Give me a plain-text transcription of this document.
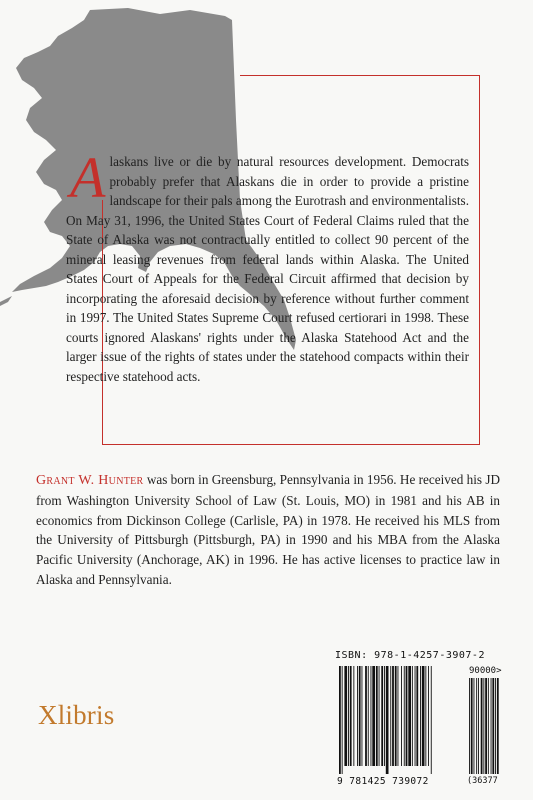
A laskans live or die by natural resources development. Democrats probably prefer that Alaskans die in order to provide a pristine landscape for their pals among the Eurotrash and environmentalists. On May 31, 1996, the United States Court of Federal Claims ruled that the State of Alaska was not contractually entitled to collect 90 percent of the mineral leasing revenues from federal lands within Alaska. The United States Court of Appeals for the Federal Circuit affirmed that decision by incorporating the aforesaid decision by reference without further comment in 1997. The United States Supreme Court refused certiorari in 1998. These courts ignored Alaskans' rights under the Alaska Statehood Act and the larger issue of the rights of states under the statehood compacts within their respective statehood acts.
Grant W. Hunter was born in Greensburg, Pennsylvania in 1956. He received his JD from Washington University School of Law (St. Louis, MO) in 1981 and his AB in economics from Dickinson College (Carlisle, PA) in 1978. He received his MLS from the University of Pittsburgh (Pittsburgh, PA) in 1990 and his MBA from the Alaska Pacific University (Anchorage, AK) in 1996. He has active licenses to practice law in Alaska and Pennsylvania.
Xlibris
ISBN: 978-1-4257-3907-2
90000>
9 781425 739072	(36377
